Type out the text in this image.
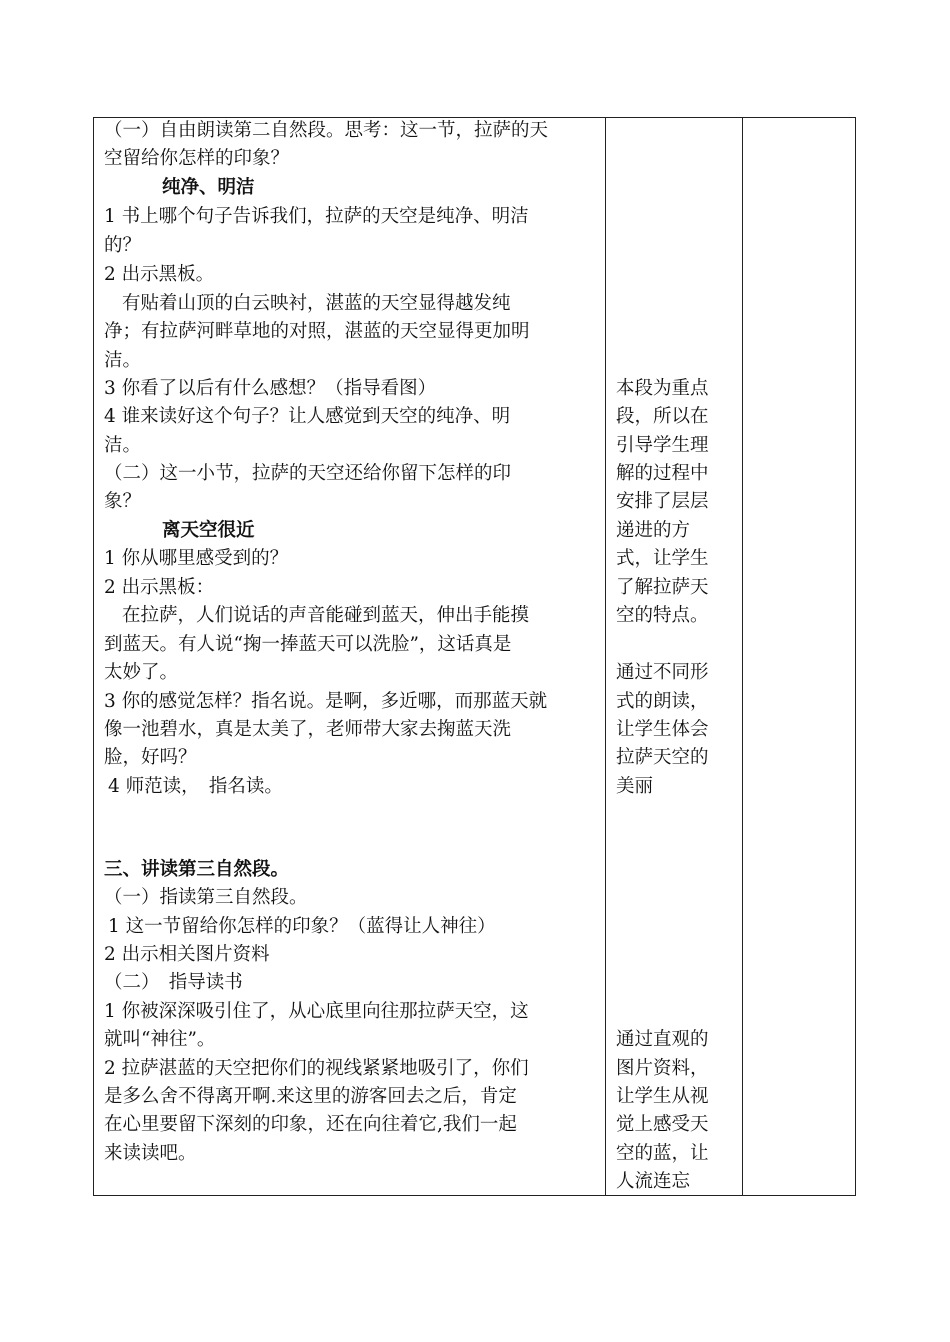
（一）自由朗读第二自然段。思考：这一节，拉萨的天
空留给你怎样的印象？
纯净、明洁
1 书上哪个句子告诉我们，拉萨的天空是纯净、明洁
的？
2 出示黑板。
有贴着山顶的白云映衬，湛蓝的天空显得越发纯
净；有拉萨河畔草地的对照，湛蓝的天空显得更加明
洁。
3 你看了以后有什么感想？（指导看图）
4 谁来读好这个句子？让人感觉到天空的纯净、明
洁。
（二）这一小节，拉萨的天空还给你留下怎样的印
象？
离天空很近
1 你从哪里感受到的？
2 出示黑板：
在拉萨，人们说话的声音能碰到蓝天，伸出手能摸
到蓝天。有人说“掬一捧蓝天可以洗脸”，这话真是
太妙了。
3 你的感觉怎样？指名说。是啊，多近哪，而那蓝天就
像一池碧水，真是太美了，老师带大家去掬蓝天洗
脸，好吗？
4 师范读，　指名读。
三、讲读第三自然段。
（一）指读第三自然段。
1 这一节留给你怎样的印象？（蓝得让人神往）
2 出示相关图片资料
（二）　指导读书
1 你被深深吸引住了，从心底里向往那拉萨天空，这
就叫“神往”。
2 拉萨湛蓝的天空把你们的视线紧紧地吸引了，你们
是多么舍不得离开啊.来这里的游客回去之后，肯定
在心里要留下深刻的印象，还在向往着它,我们一起
来读读吧。
本段为重点
段，所以在
引导学生理
解的过程中
安排了层层
递进的方
式，让学生
了解拉萨天
空的特点。
通过不同形
式的朗读，
让学生体会
拉萨天空的
美丽
通过直观的
图片资料，
让学生从视
觉上感受天
空的蓝，让
人流连忘
